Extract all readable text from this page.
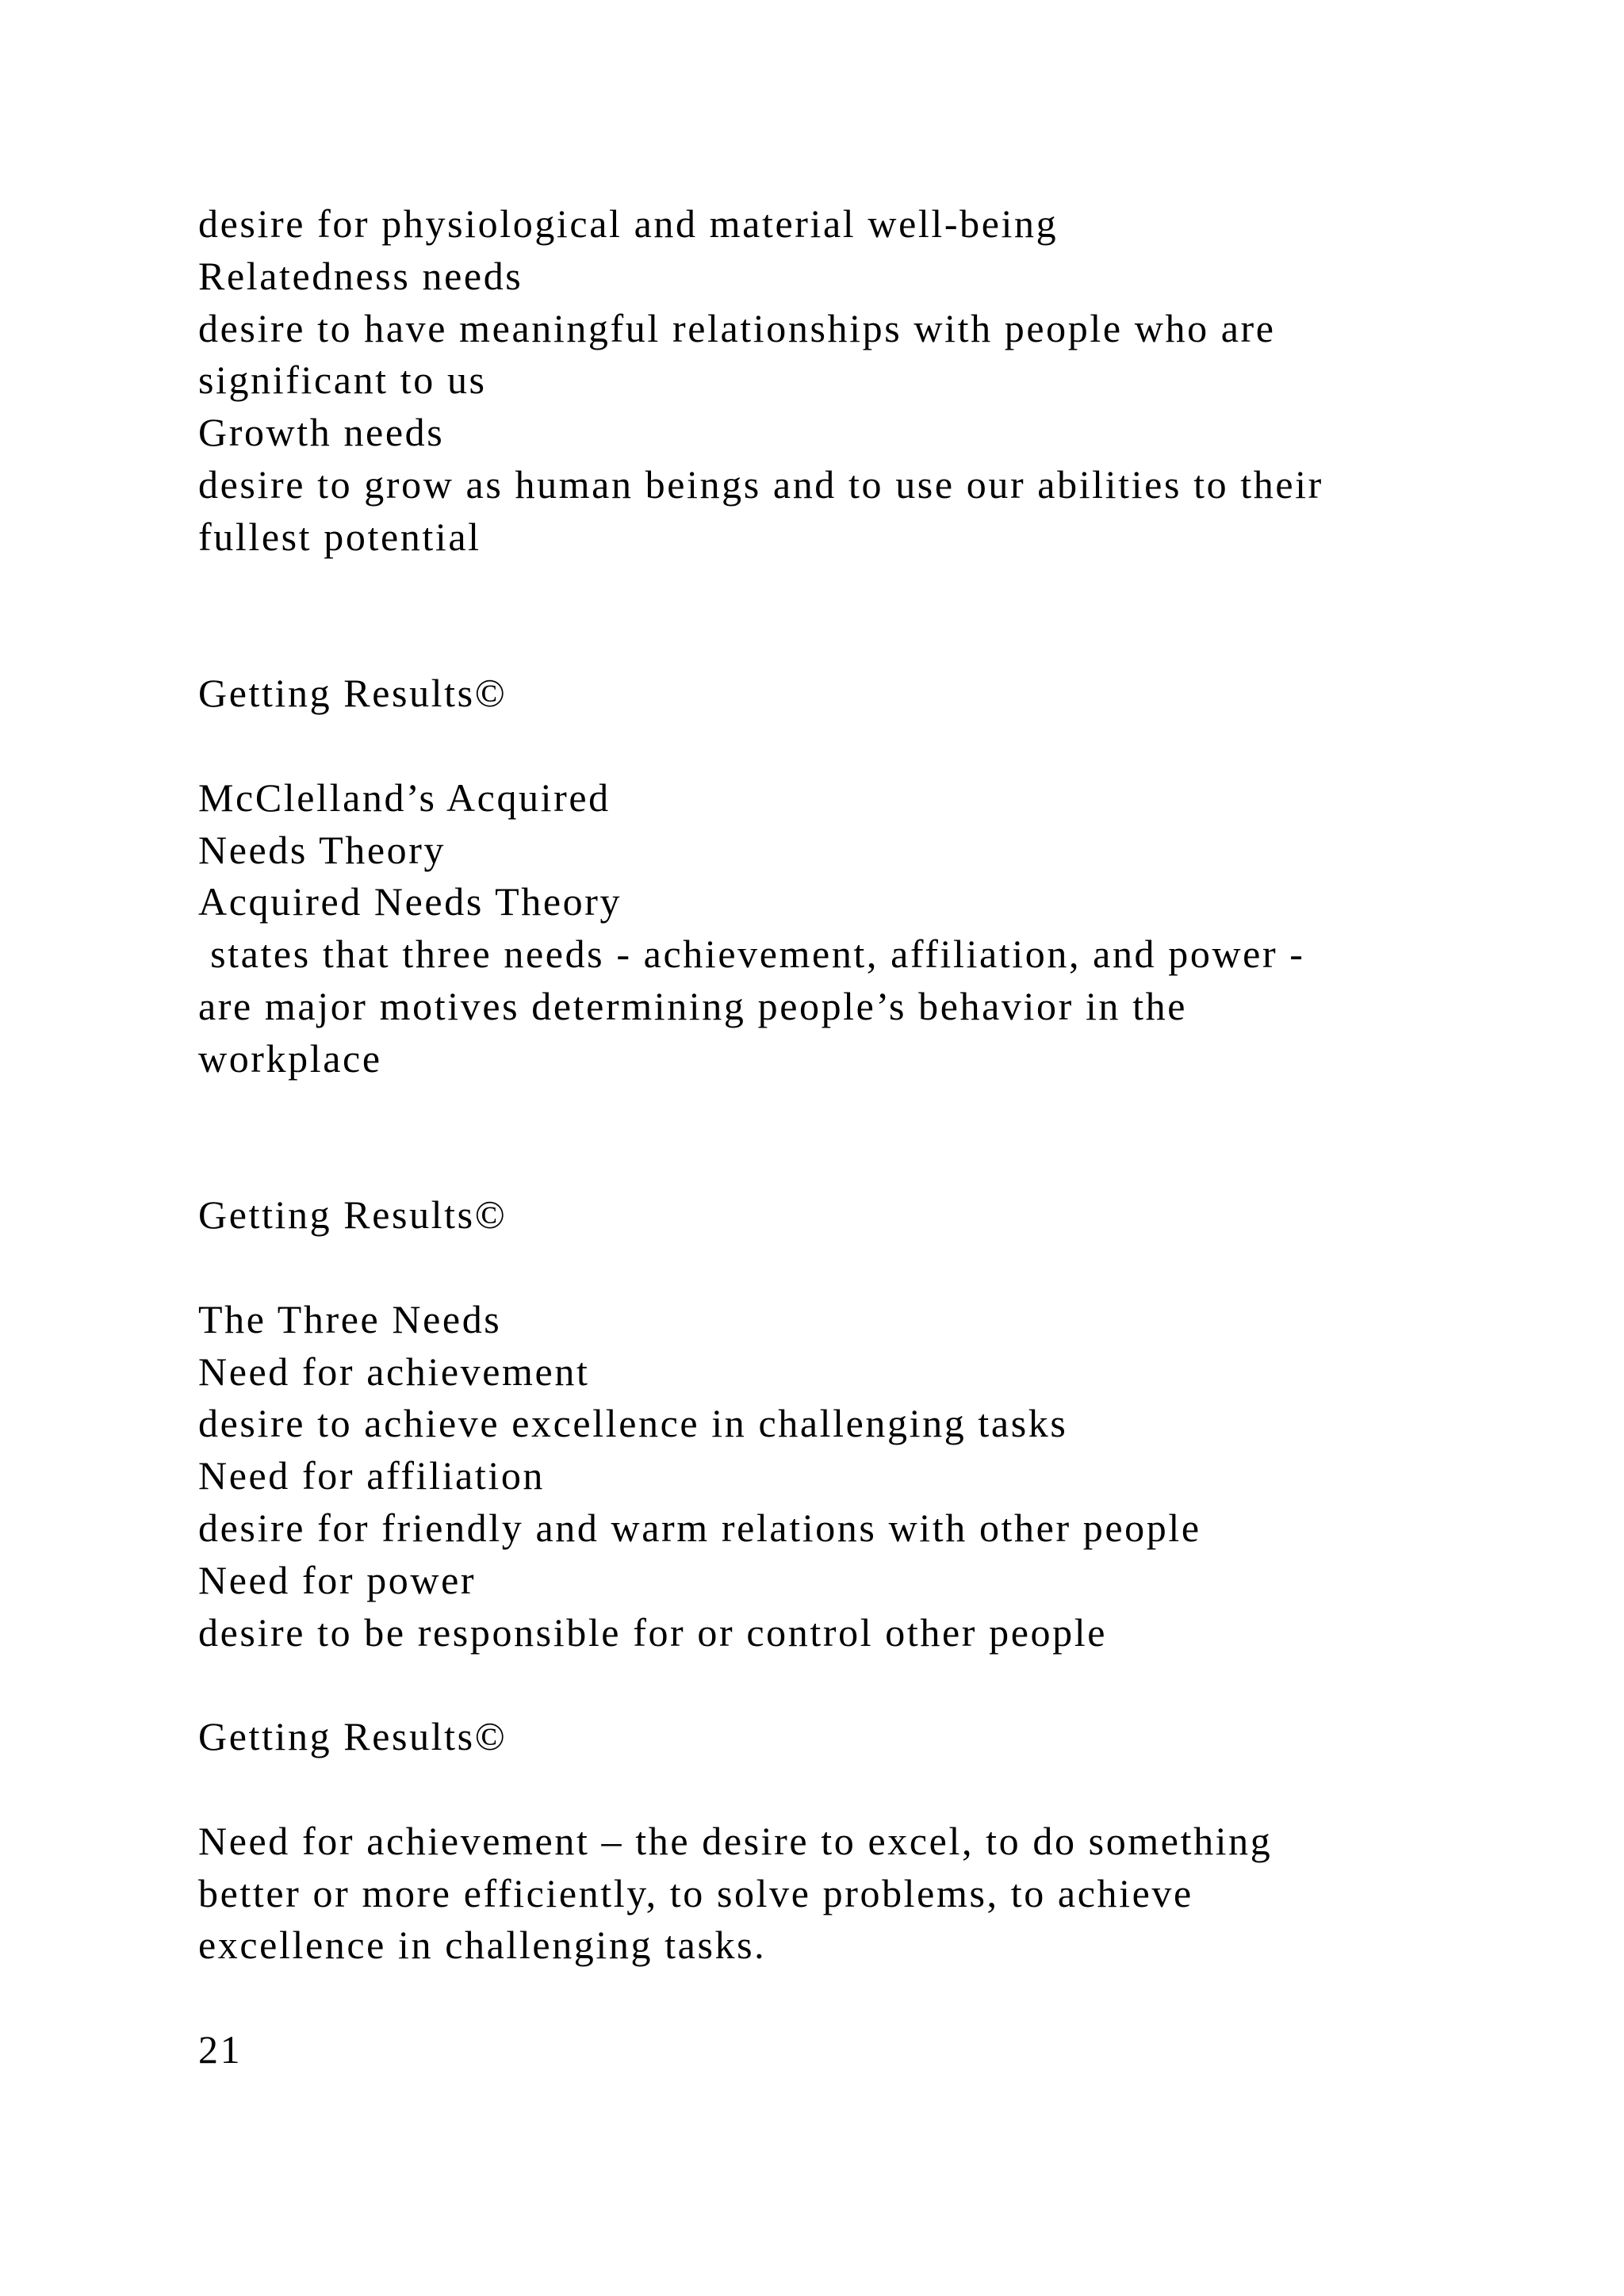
desire for physiological and material well-being
Relatedness needs
desire to have meaningful relationships with people who are
significant to us
Growth needs
desire to grow as human beings and to use our abilities to their
fullest potential
Getting Results©
McClelland’s Acquired
Needs Theory
Acquired Needs Theory
states that three needs - achievement, affiliation, and power -
are major motives determining people’s behavior in the
workplace
Getting Results©
The Three Needs
Need for achievement
desire to achieve excellence in challenging tasks
Need for affiliation
desire for friendly and warm relations with other people
Need for power
desire to be responsible for or control other people
Getting Results©
Need for achievement – the desire to excel, to do something
better or more efficiently, to solve problems, to achieve
excellence in challenging tasks.
21
